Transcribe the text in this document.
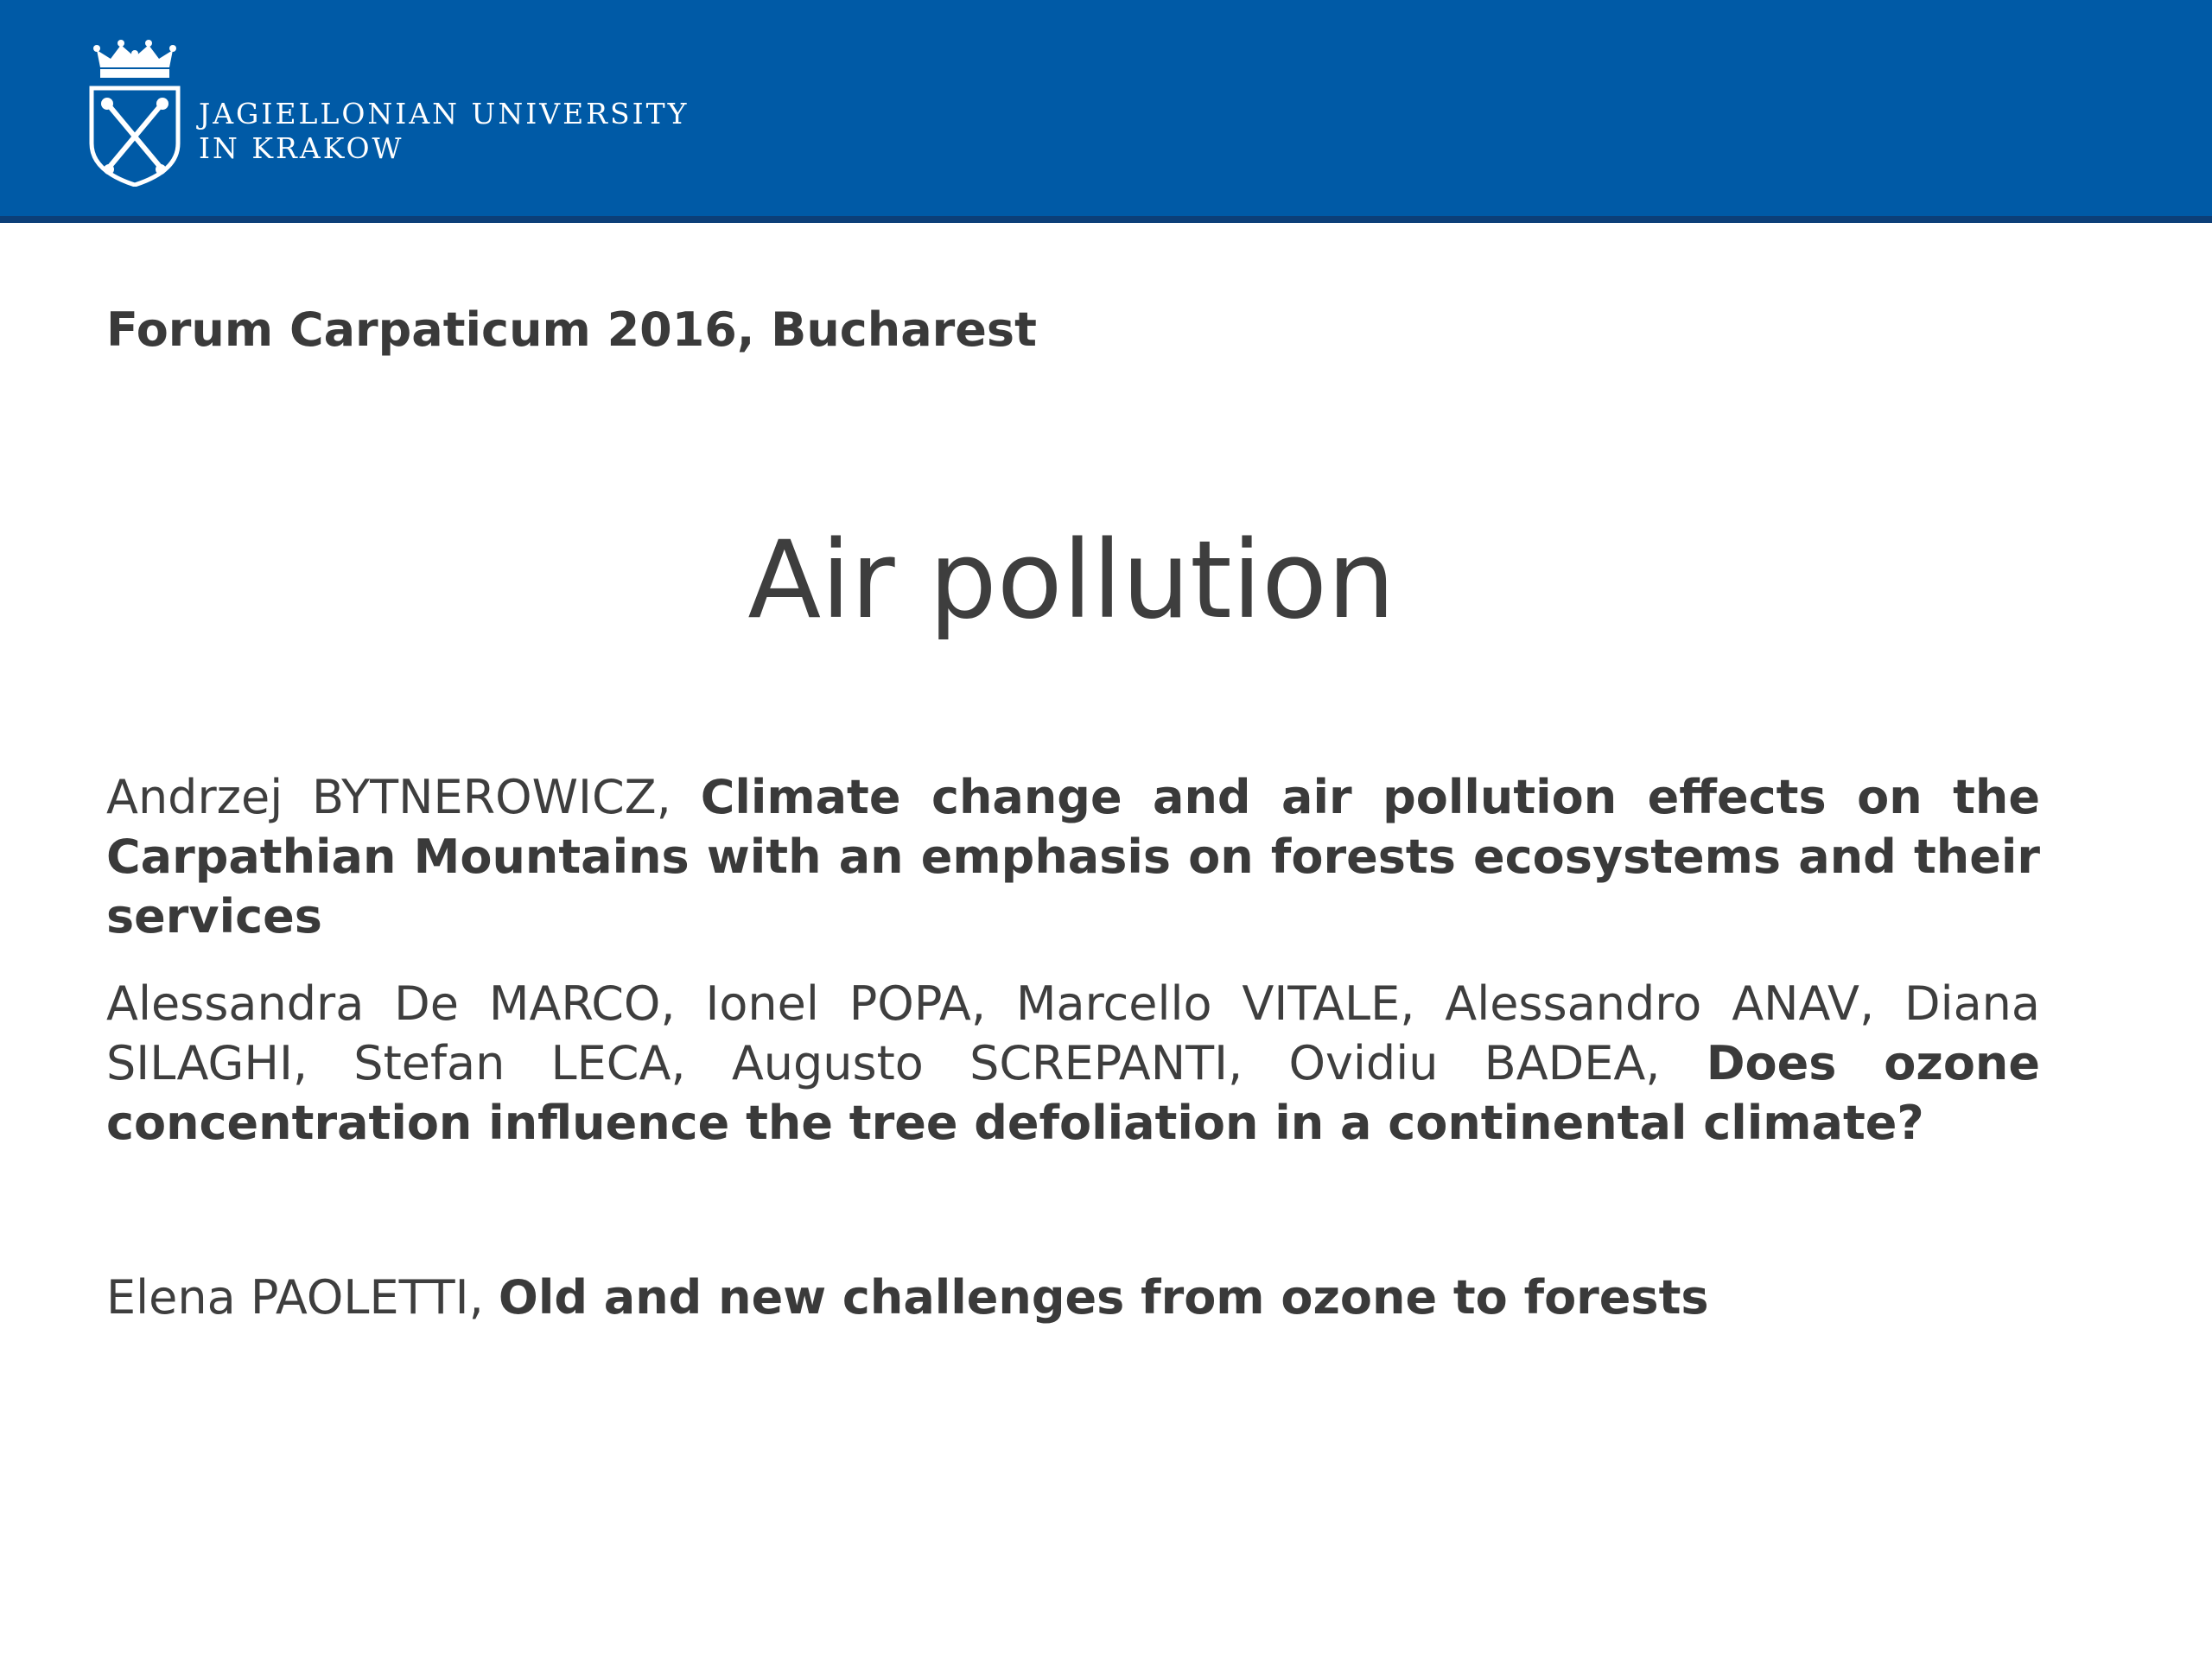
JAGIELLONIAN UNIVERSITY
IN KRAKOW
Forum Carpaticum 2016, Bucharest
Air pollution
Andrzej BYTNEROWICZ, Climate change and air pollution effects on the Carpathian Mountains with an emphasis on forests ecosystems and their services
Alessandra De MARCO, Ionel POPA, Marcello VITALE, Alessandro ANAV, Diana SILAGHI, Stefan LECA, Augusto SCREPANTI, Ovidiu BADEA, Does ozone concentration influence the tree defoliation in a continental climate?
Elena PAOLETTI, Old and new challenges from ozone to forests
